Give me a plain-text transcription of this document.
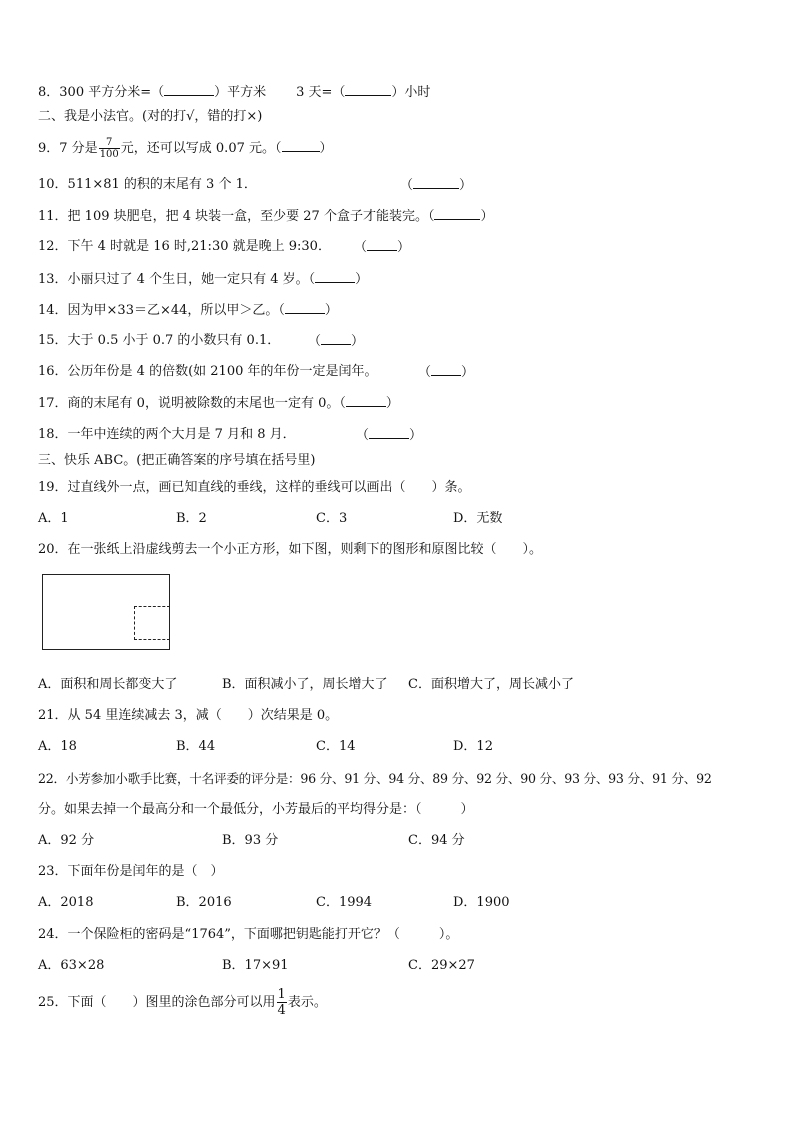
8．300 平方分米=（	）平方米 3 天=（	）小时
二、我是小法官。(对的打√，错的打×)
9．7 分是 $\frac{7}{100}$ 元，还可以写成 0.07 元。（	）
10．511×81 的积的末尾有 3 个 1．	（	）
11．把 109 块肥皂，把 4 块装一盒，至少要 27 个盒子才能装完。（	）
12．下午 4 时就是 16 时,21:30 就是晚上 9:30． （ ）
13．小丽只过了 4 个生日，她一定只有 4 岁。（	）
14．因为甲×33＝乙×44，所以甲＞乙。（	）
15．大于 0.5 小于 0.7 的小数只有 0.1． （ ）
16．公历年份是 4 的倍数(如 2100 年的年份一定是闰年。	（ ）
17．商的末尾有 0，说明被除数的末尾也一定有 0。（	）
18．一年中连续的两个大月是 7 月和 8 月．	（	）
三、快乐 ABC。(把正确答案的序号填在括号里)
19．过直线外一点，画已知直线的垂线，这样的垂线可以画出（　　）条。
A．1	B．2	C．3	D．无数
20．在一张纸上沿虚线剪去一个小正方形，如下图，则剩下的图形和原图比较（　　）。
A．面积和周长都变大了	B．面积减小了，周长增大了 C．面积增大了，周长减小了
21．从 54 里连续减去 3，减（　　）次结果是 0。
A．18	B．44	C．14	D．12
22．小芳参加小歌手比赛，十名评委的评分是：96 分、91 分、94 分、89 分、92 分、90 分、93 分、93 分、91 分、92
分。如果去掉一个最高分和一个最低分，小芳最后的平均得分是：（　　　）
A．92 分	B．93 分	C．94 分
23．下面年份是闰年的是（　）
A．2018	B．2016	C．1994	D．1900
24．一个保险柜的密码是“1764”，下面哪把钥匙能打开它？（　　　）。
A．63×28	B．17×91	C．29×27
25．下面（　　）图里的涂色部分可以用 $\frac{1}{4}$ 表示。
